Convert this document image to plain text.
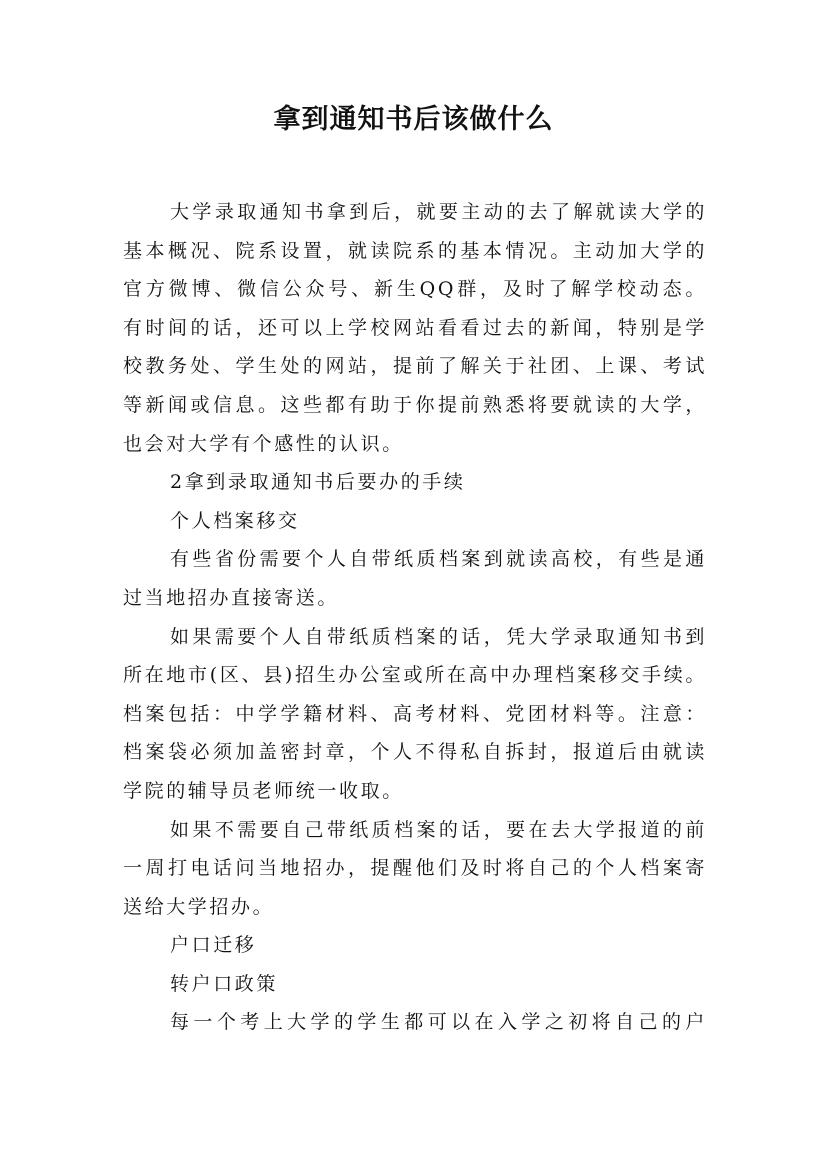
拿到通知书后该做什么
大学录取通知书拿到后，就要主动的去了解就读大学的
基本概况、院系设置，就读院系的基本情况。主动加大学的
官方微博、微信公众号、新生QQ群，及时了解学校动态。
有时间的话，还可以上学校网站看看过去的新闻，特别是学
校教务处、学生处的网站，提前了解关于社团、上课、考试
等新闻或信息。这些都有助于你提前熟悉将要就读的大学，
也会对大学有个感性的认识。
2拿到录取通知书后要办的手续
个人档案移交
有些省份需要个人自带纸质档案到就读高校，有些是通
过当地招办直接寄送。
如果需要个人自带纸质档案的话，凭大学录取通知书到
所在地市(区、县)招生办公室或所在高中办理档案移交手续。
档案包括：中学学籍材料、高考材料、党团材料等。注意：
档案袋必须加盖密封章，个人不得私自拆封，报道后由就读
学院的辅导员老师统一收取。
如果不需要自己带纸质档案的话，要在去大学报道的前
一周打电话问当地招办，提醒他们及时将自己的个人档案寄
送给大学招办。
户口迁移
转户口政策
每一个考上大学的学生都可以在入学之初将自己的户
